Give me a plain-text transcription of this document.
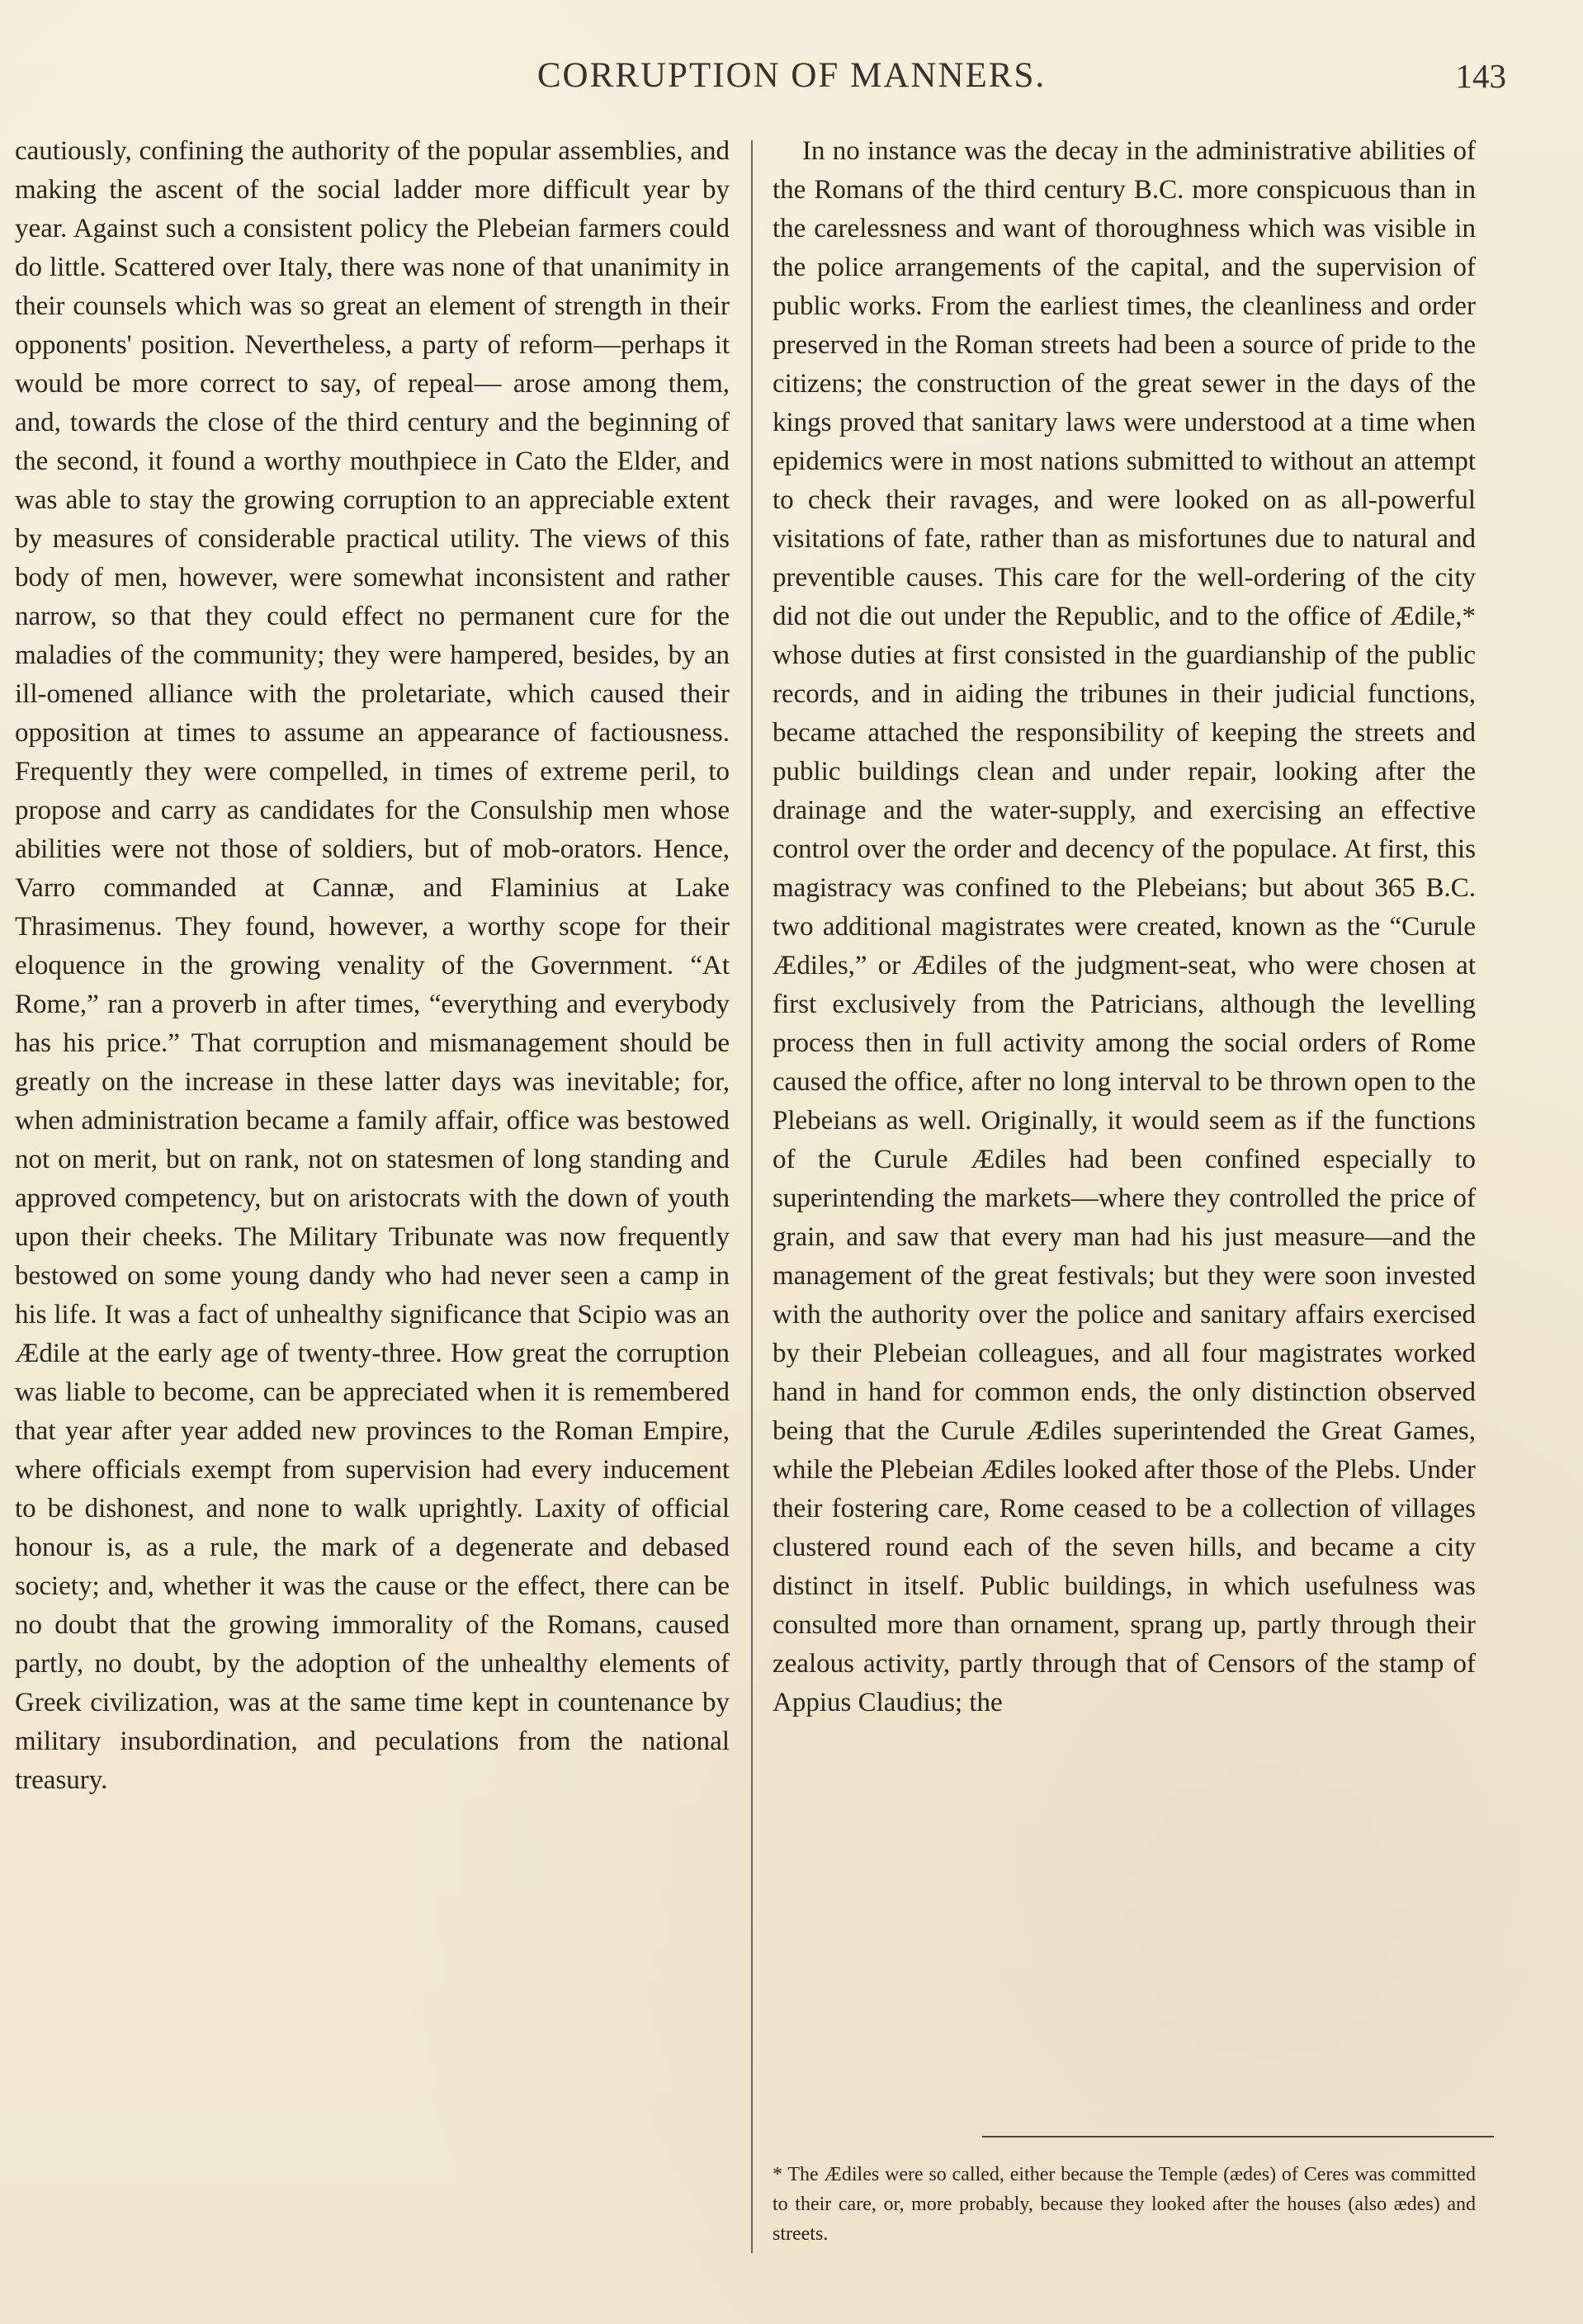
CORRUPTION OF MANNERS.	143

cautiously, confining the authority of the popular assemblies, and making the ascent of the social ladder more difficult year by year. Against such a consistent policy the Plebeian farmers could do little. Scattered over Italy, there was none of that unanimity in their counsels which was so great an element of strength in their opponents' position. Nevertheless, a party of reform—perhaps it would be more correct to say, of repeal— arose among them, and, towards the close of the third century and the beginning of the second, it found a worthy mouthpiece in Cato the Elder, and was able to stay the growing corruption to an appreciable extent by measures of considerable practical utility. The views of this body of men, however, were somewhat inconsistent and rather narrow, so that they could effect no permanent cure for the maladies of the community; they were hampered, besides, by an ill-omened alliance with the proletariate, which caused their opposition at times to assume an appearance of factiousness. Frequently they were compelled, in times of extreme peril, to propose and carry as candidates for the Consulship men whose abilities were not those of soldiers, but of mob-orators. Hence, Varro commanded at Cannæ, and Flaminius at Lake Thrasimenus. They found, however, a worthy scope for their eloquence in the growing venality of the Government. “At Rome,” ran a proverb in after times, “everything and everybody has his price.” That corruption and mismanagement should be greatly on the increase in these latter days was inevitable; for, when administration became a family affair, office was bestowed not on merit, but on rank, not on statesmen of long standing and approved competency, but on aristocrats with the down of youth upon their cheeks. The Military Tribunate was now frequently bestowed on some young dandy who had never seen a camp in his life. It was a fact of unhealthy significance that Scipio was an Ædile at the early age of twenty-three. How great the corruption was liable to become, can be appreciated when it is remembered that year after year added new provinces to the Roman Empire, where officials exempt from supervision had every inducement to be dishonest, and none to walk uprightly. Laxity of official honour is, as a rule, the mark of a degenerate and debased society; and, whether it was the cause or the effect, there can be no doubt that the growing immorality of the Romans, caused partly, no doubt, by the adoption of the unhealthy elements of Greek civilization, was at the same time kept in countenance by military insubordination, and peculations from the national treasury.

In no instance was the decay in the administrative abilities of the Romans of the third century B.C. more conspicuous than in the carelessness and want of thoroughness which was visible in the police arrangements of the capital, and the supervision of public works. From the earliest times, the cleanliness and order preserved in the Roman streets had been a source of pride to the citizens; the construction of the great sewer in the days of the kings proved that sanitary laws were understood at a time when epidemics were in most nations submitted to without an attempt to check their ravages, and were looked on as all-powerful visitations of fate, rather than as misfortunes due to natural and preventible causes. This care for the well-ordering of the city did not die out under the Republic, and to the office of Ædile,* whose duties at first consisted in the guardianship of the public records, and in aiding the tribunes in their judicial functions, became attached the responsibility of keeping the streets and public buildings clean and under repair, looking after the drainage and the water-supply, and exercising an effective control over the order and decency of the populace. At first, this magistracy was confined to the Plebeians; but about 365 B.C. two additional magistrates were created, known as the “Curule Ædiles,” or Ædiles of the judgment-seat, who were chosen at first exclusively from the Patricians, although the levelling process then in full activity among the social orders of Rome caused the office, after no long interval to be thrown open to the Plebeians as well. Originally, it would seem as if the functions of the Curule Ædiles had been confined especially to superintending the markets—where they controlled the price of grain, and saw that every man had his just measure—and the management of the great festivals; but they were soon invested with the authority over the police and sanitary affairs exercised by their Plebeian colleagues, and all four magistrates worked hand in hand for common ends, the only distinction observed being that the Curule Ædiles superintended the Great Games, while the Plebeian Ædiles looked after those of the Plebs. Under their fostering care, Rome ceased to be a collection of villages clustered round each of the seven hills, and became a city distinct in itself. Public buildings, in which usefulness was consulted more than ornament, sprang up, partly through their zealous activity, partly through that of Censors of the stamp of Appius Claudius; the

* The Ædiles were so called, either because the Temple (ædes) of Ceres was committed to their care, or, more probably, because they looked after the houses (also ædes) and streets.
